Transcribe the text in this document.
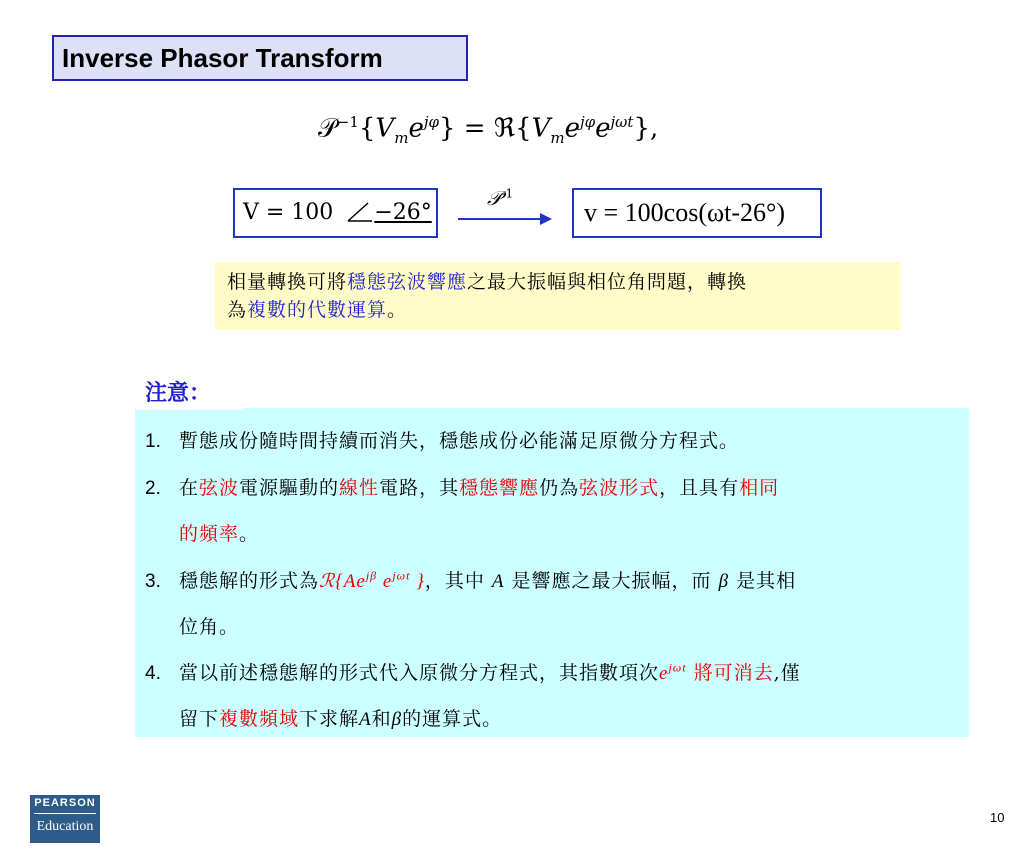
Inverse Phasor Transform
$𝒫^{-1}\{V_me^{j\varphi}\}$ = $ℜ\{V_me^{j\varphi}e^{j\omega t}\}$,
V = 100 −26°
𝒫$^{-1}$
v = 100cos(ωt-26°)
相量轉換可將穩態弦波響應之最大振幅與相位角問題，轉換
為複數的代數運算。
1. 暫態成份隨時間持續而消失，穩態成份必能滿足原微分方程式。
2. 在弦波電源驅動的線性電路，其穩態響應仍為弦波形式，且具有相同
的頻率。
3. 穩態解的形式為$ℛ\{Ae^{j\beta}$ $e^{j\omega t}$ }，其中 A 是響應之最大振幅，而 β 是其相
位角。
4. 當以前述穩態解的形式代入原微分方程式，其指數項次$e^{j\omega t}$ 將可消去,僅
留下複數頻域下求解A和β的運算式。
注意：
PEARSON
Education
10
